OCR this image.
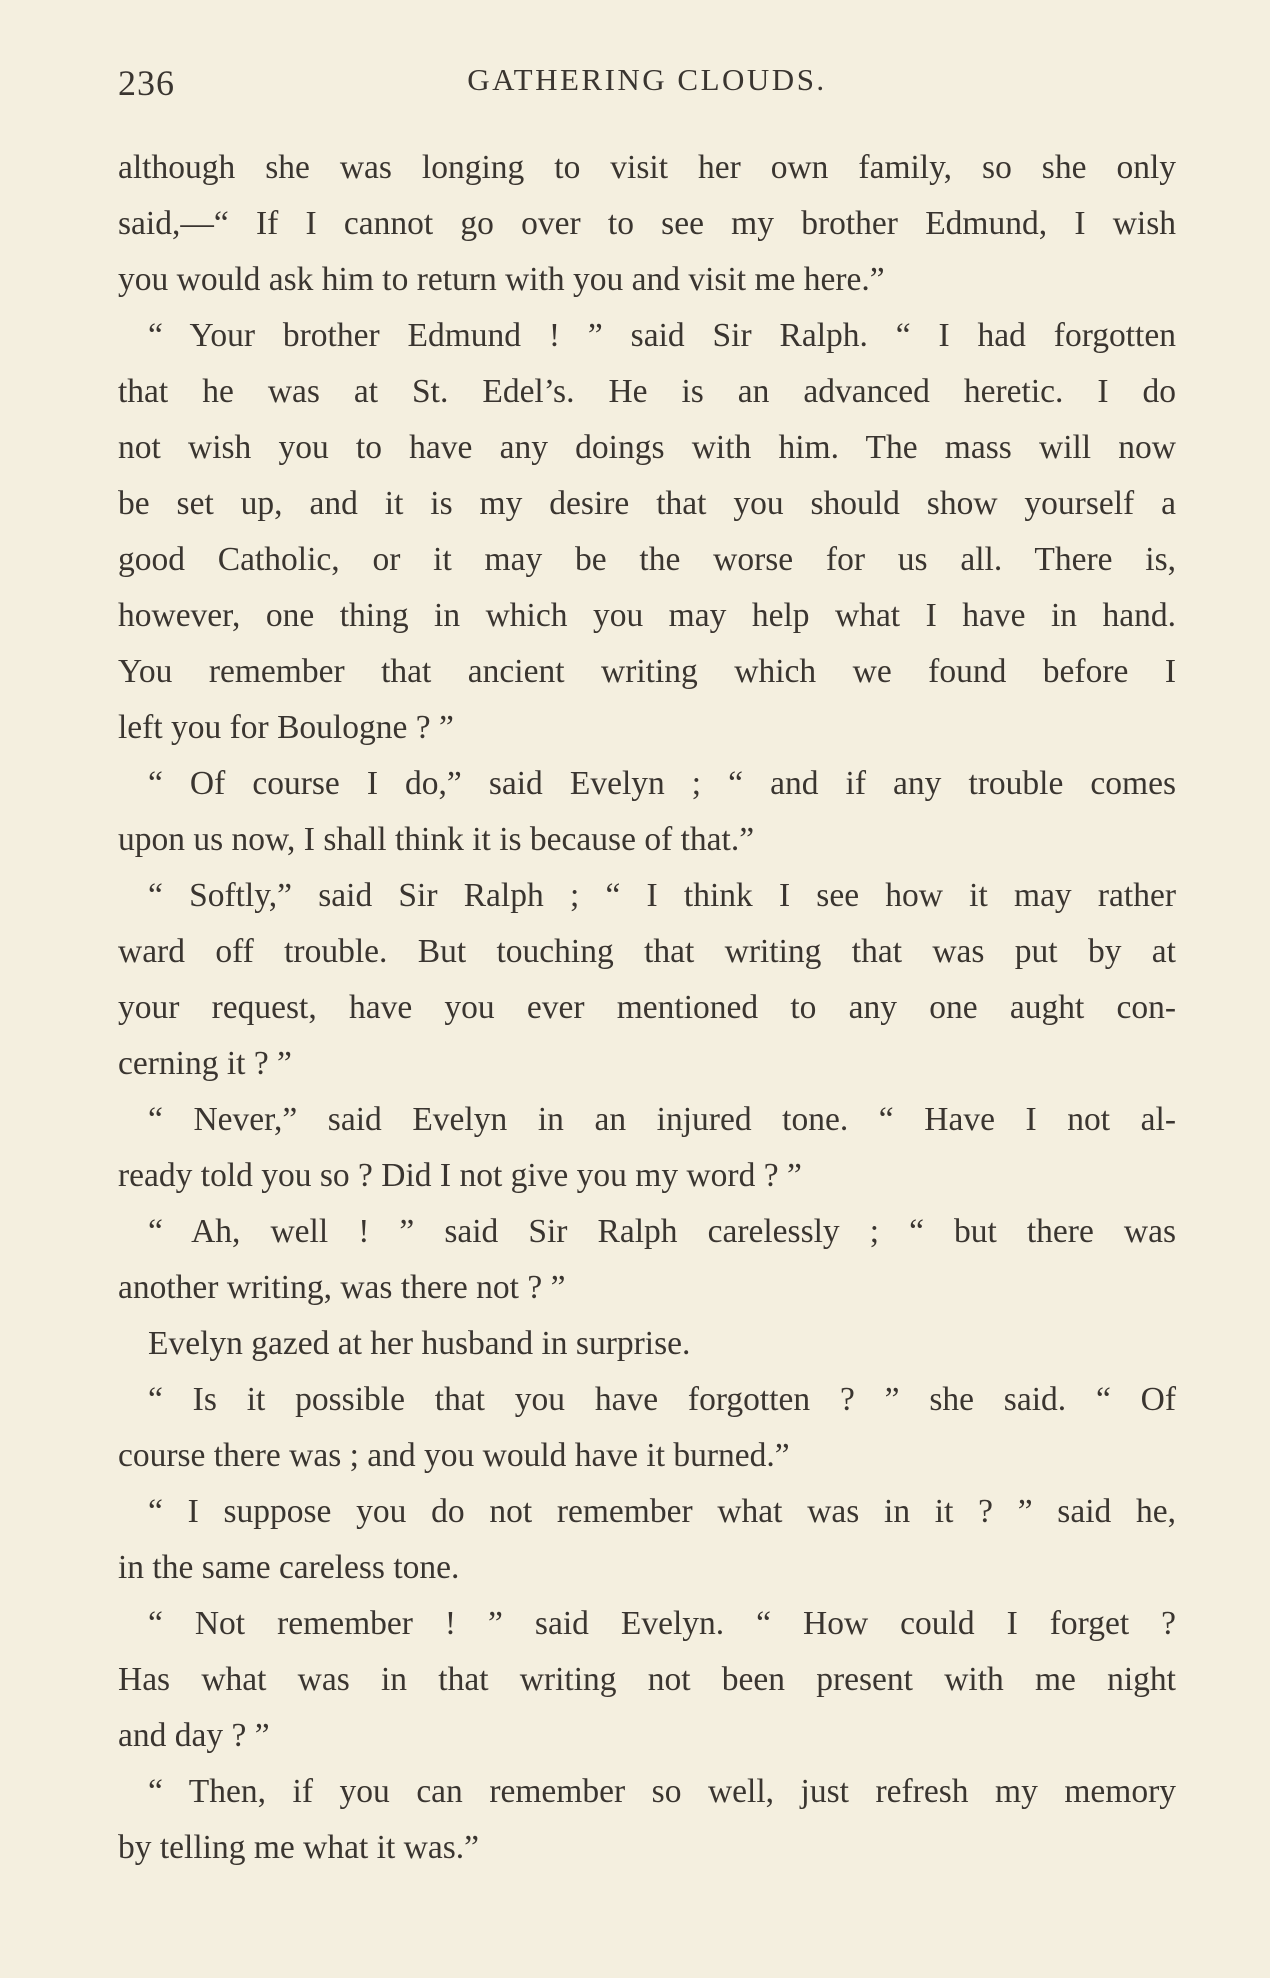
236	GATHERING CLOUDS.
although she was longing to visit her own family, so she only
said,—“ If I cannot go over to see my brother Edmund, I wish
you would ask him to return with you and visit me here.”
“ Your brother Edmund ! ” said Sir Ralph. “ I had forgotten
that he was at St. Edel’s. He is an advanced heretic. I do
not wish you to have any doings with him. The mass will now
be set up, and it is my desire that you should show yourself a
good Catholic, or it may be the worse for us all. There is,
however, one thing in which you may help what I have in hand.
You remember that ancient writing which we found before I
left you for Boulogne ? ”
“ Of course I do,” said Evelyn ; “ and if any trouble comes
upon us now, I shall think it is because of that.”
“ Softly,” said Sir Ralph ; “ I think I see how it may rather
ward off trouble. But touching that writing that was put by at
your request, have you ever mentioned to any one aught con-
cerning it ? ”
“ Never,” said Evelyn in an injured tone. “ Have I not al-
ready told you so ? Did I not give you my word ? ”
“ Ah, well ! ” said Sir Ralph carelessly ; “ but there was
another writing, was there not ? ”
Evelyn gazed at her husband in surprise.
“ Is it possible that you have forgotten ? ” she said. “ Of
course there was ; and you would have it burned.”
“ I suppose you do not remember what was in it ? ” said he,
in the same careless tone.
“ Not remember ! ” said Evelyn. “ How could I forget ?
Has what was in that writing not been present with me night
and day ? ”
“ Then, if you can remember so well, just refresh my memory
by telling me what it was.”
